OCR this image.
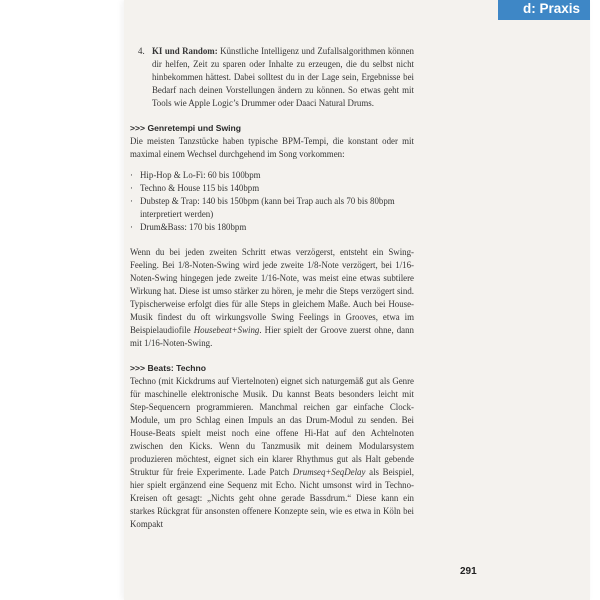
d: Praxis
4. KI und Random: Künstliche Intelligenz und Zufallsalgorithmen können dir helfen, Zeit zu sparen oder Inhalte zu erzeugen, die du selbst nicht hinbekommen hättest. Dabei solltest du in der Lage sein, Ergebnisse bei Bedarf nach deinen Vorstellungen ändern zu können. So etwas geht mit Tools wie Apple Logic’s Drummer oder Daaci Natural Drums.

>>> Genretempi und Swing

Die meisten Tanzstücke haben typische BPM-Tempi, die konstant oder mit maximal einem Wechsel durchgehend im Song vorkommen:

· Hip-Hop & Lo-Fi: 60 bis 100bpm
· Techno & House 115 bis 140bpm
· Dubstep & Trap: 140 bis 150bpm (kann bei Trap auch als 70 bis 80bpm interpretiert werden)
· Drum&Bass: 170 bis 180bpm

Wenn du bei jeden zweiten Schritt etwas verzögerst, entsteht ein Swing-Feeling. Bei 1/8-Noten-Swing wird jede zweite 1/8-Note verzögert, bei 1/16-Noten-Swing hingegen jede zweite 1/16-Note, was meist eine etwas subtilere Wirkung hat. Diese ist umso stärker zu hören, je mehr die Steps verzögert sind. Typischerweise erfolgt dies für alle Steps in gleichem Maße. Auch bei House-Musik findest du oft wirkungsvolle Swing Feelings in Grooves, etwa im Beispielaudiofile Housebeat+Swing. Hier spielt der Groove zuerst ohne, dann mit 1/16-Noten-Swing.

>>> Beats: Techno

Techno (mit Kickdrums auf Viertelnoten) eignet sich naturgemäß gut als Genre für maschinelle elektronische Musik. Du kannst Beats besonders leicht mit Step-Sequencern programmieren. Manchmal reichen gar einfache Clock-Module, um pro Schlag einen Impuls an das Drum-Modul zu senden. Bei House-Beats spielt meist noch eine offene Hi-Hat auf den Achtelnoten zwischen den Kicks. Wenn du Tanzmusik mit deinem Modularsystem produzieren möchtest, eignet sich ein klarer Rhythmus gut als Halt gebende Struktur für freie Experimente. Lade Patch Drumseq+SeqDelay als Beispiel, hier spielt ergänzend eine Sequenz mit Echo. Nicht umsonst wird in Techno-Kreisen oft gesagt: „Nichts geht ohne gerade Bassdrum.“ Diese kann ein starkes Rückgrat für ansonsten offenere Konzepte sein, wie es etwa in Köln bei Kompakt

291
